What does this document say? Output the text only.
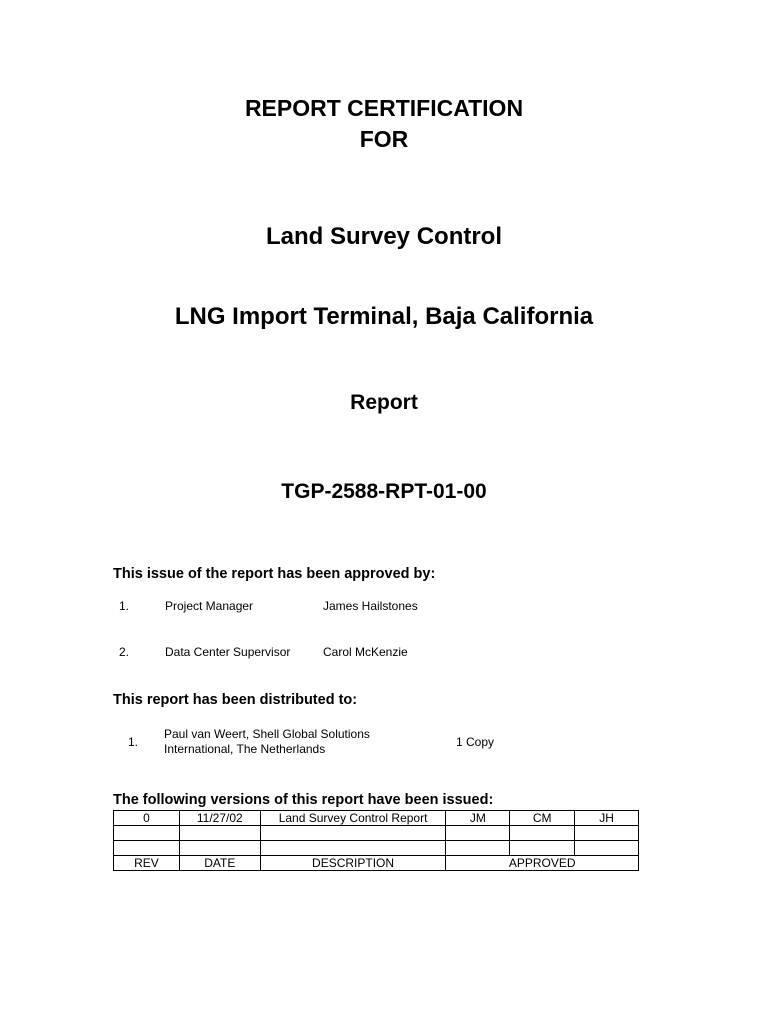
REPORT CERTIFICATION
FOR
Land Survey Control
LNG Import Terminal, Baja California
Report
TGP-2588-RPT-01-00
This issue of the report has been approved by:
1.	Project Manager	James Hailstones
2.	Data Center Supervisor	Carol McKenzie
This report has been distributed to:
1.
Paul van Weert, Shell Global Solutions
International, The Netherlands	1 Copy
The following versions of this report have been issued:
0	11/27/02	Land Survey Control Report	JM	CM	JH

REV	DATE	DESCRIPTION	APPROVED		
